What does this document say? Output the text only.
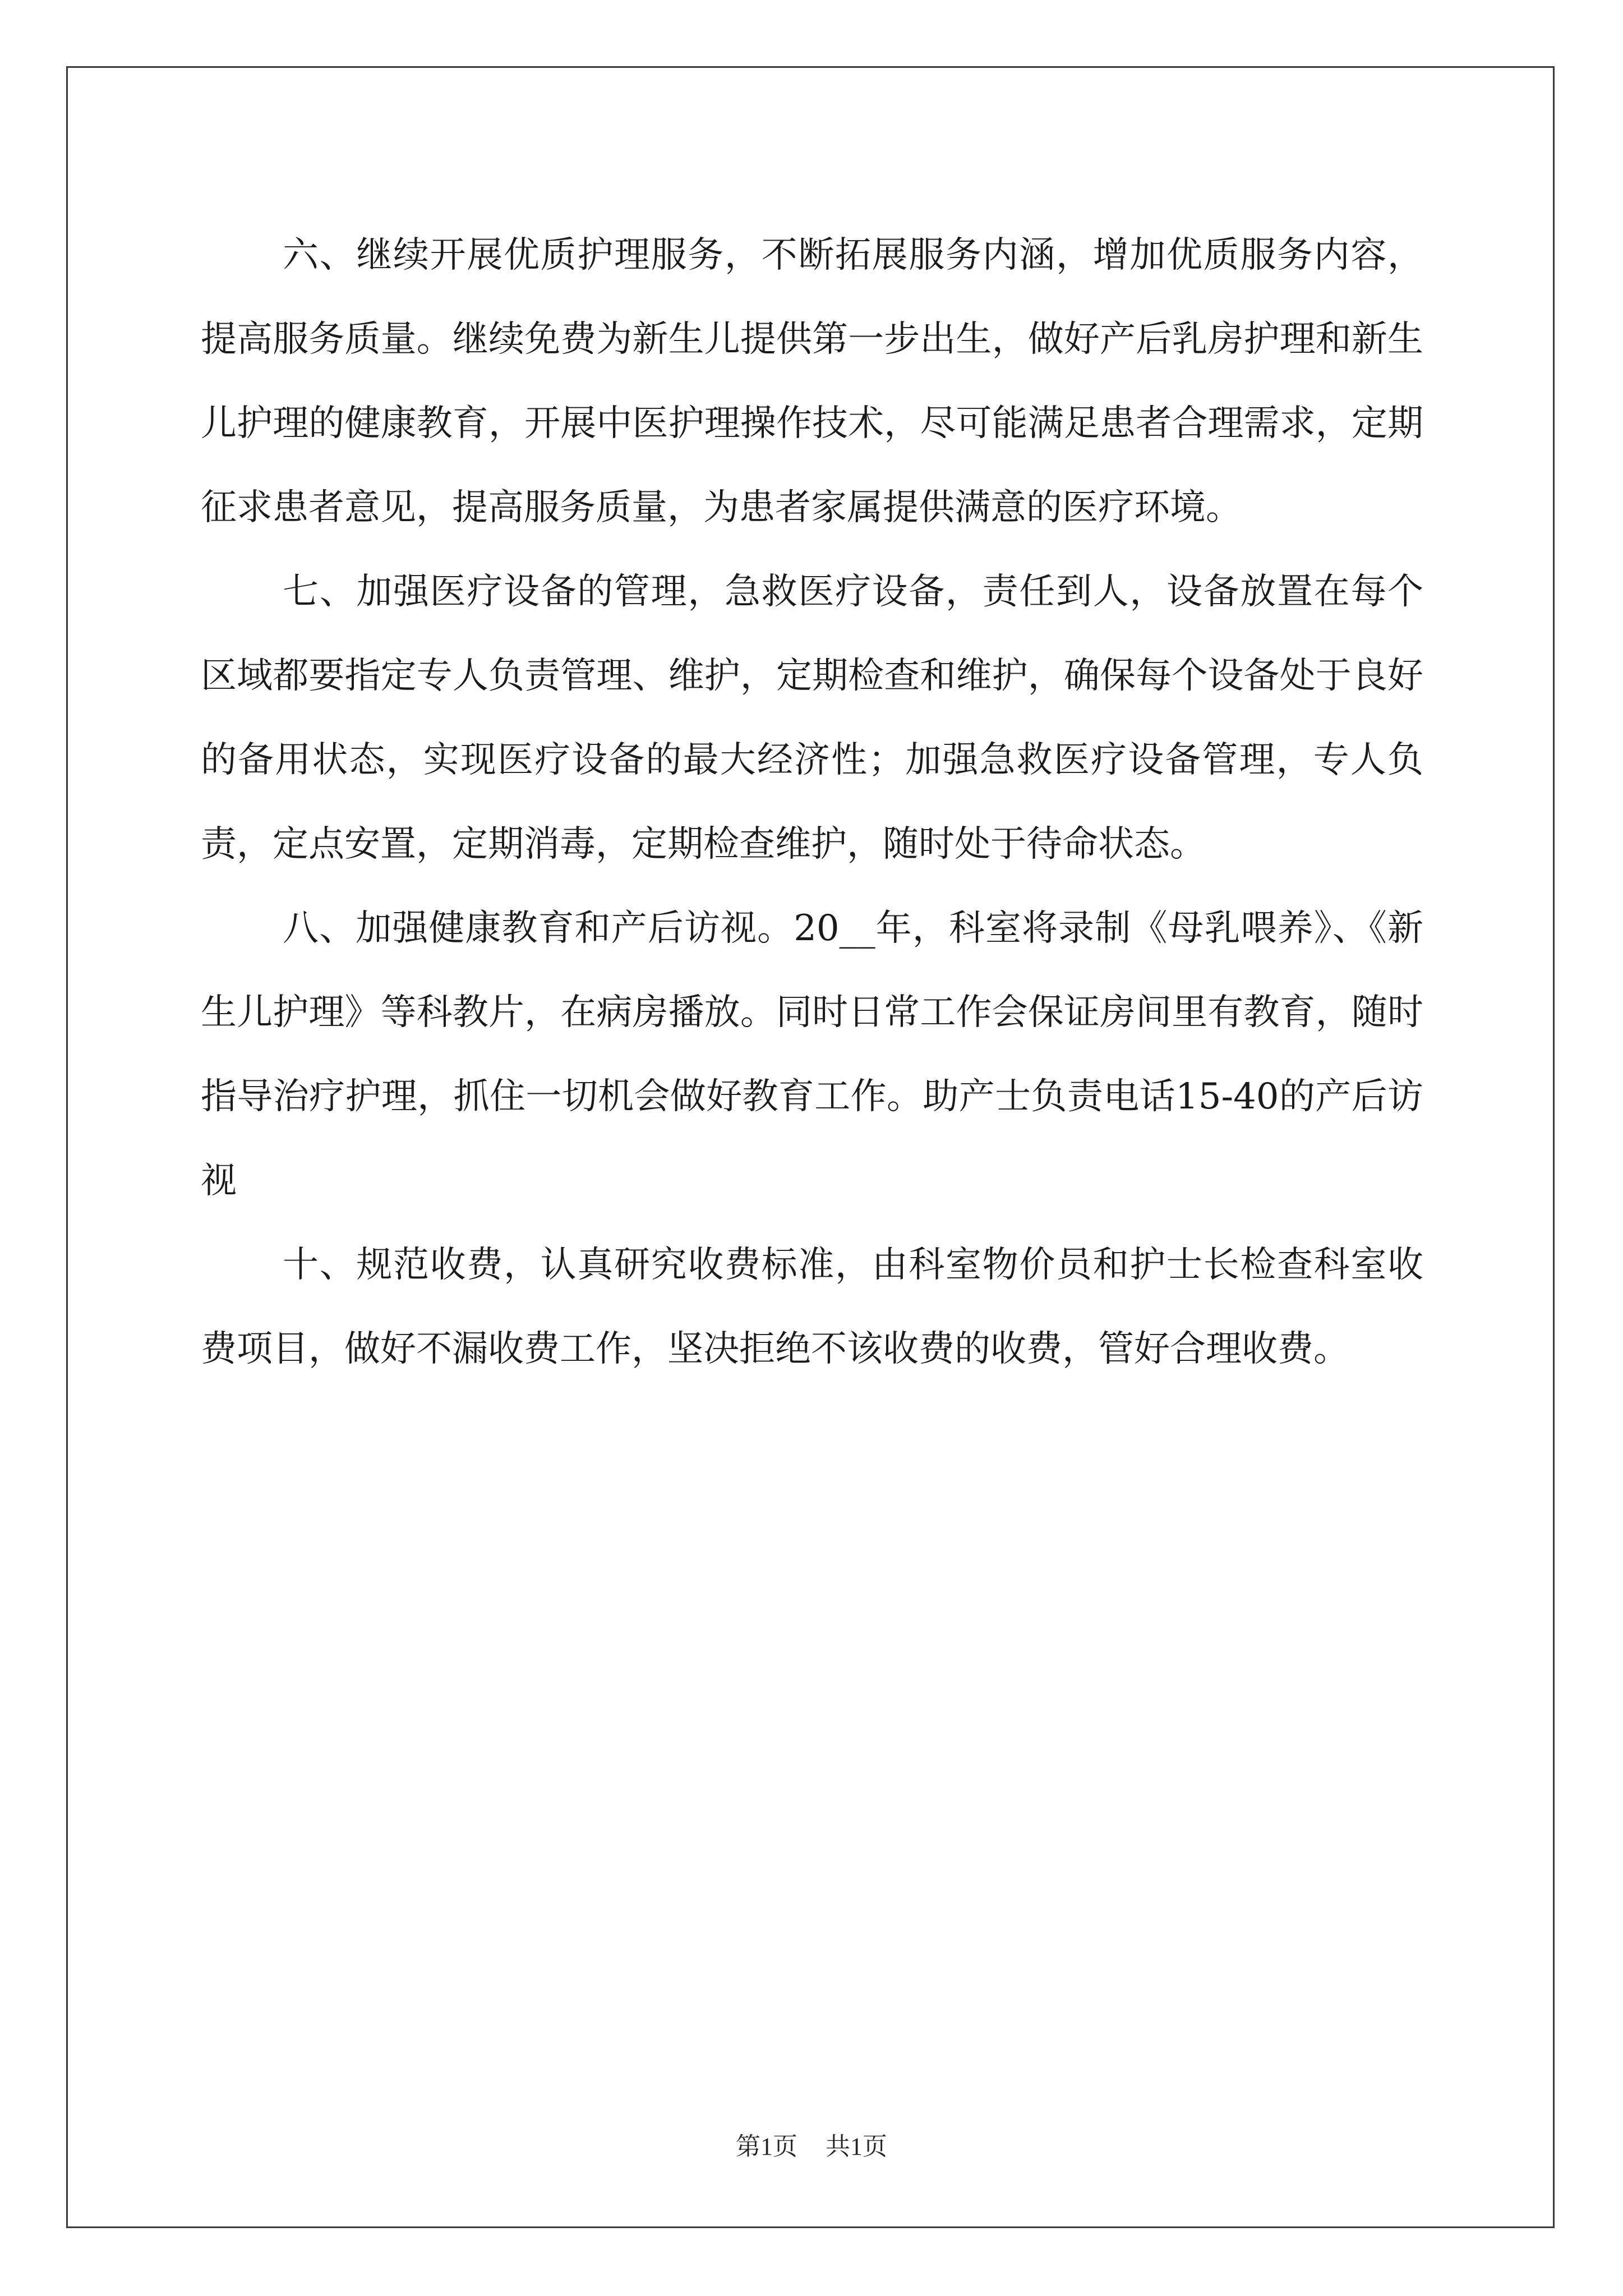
六、继续开展优质护理服务，不断拓展服务内涵，增加优质服务内容，提高服务质量。继续免费为新生儿提供第一步出生，做好产后乳房护理和新生儿护理的健康教育，开展中医护理操作技术，尽可能满足患者合理需求，定期征求患者意见，提高服务质量，为患者家属提供满意的医疗环境。

七、加强医疗设备的管理，急救医疗设备，责任到人，设备放置在每个区域都要指定专人负责管理、维护，定期检查和维护，确保每个设备处于良好的备用状态，实现医疗设备的最大经济性；加强急救医疗设备管理，专人负责，定点安置，定期消毒，定期检查维护，随时处于待命状态。

八、加强健康教育和产后访视。20__年，科室将录制《母乳喂养》、《新生儿护理》等科教片，在病房播放。同时日常工作会保证房间里有教育，随时指导治疗护理，抓住一切机会做好教育工作。助产士负责电话15-40的产后访视

十、规范收费，认真研究收费标准，由科室物价员和护士长检查科室收费项目，做好不漏收费工作，坚决拒绝不该收费的收费，管好合理收费。

第1页 共1页
